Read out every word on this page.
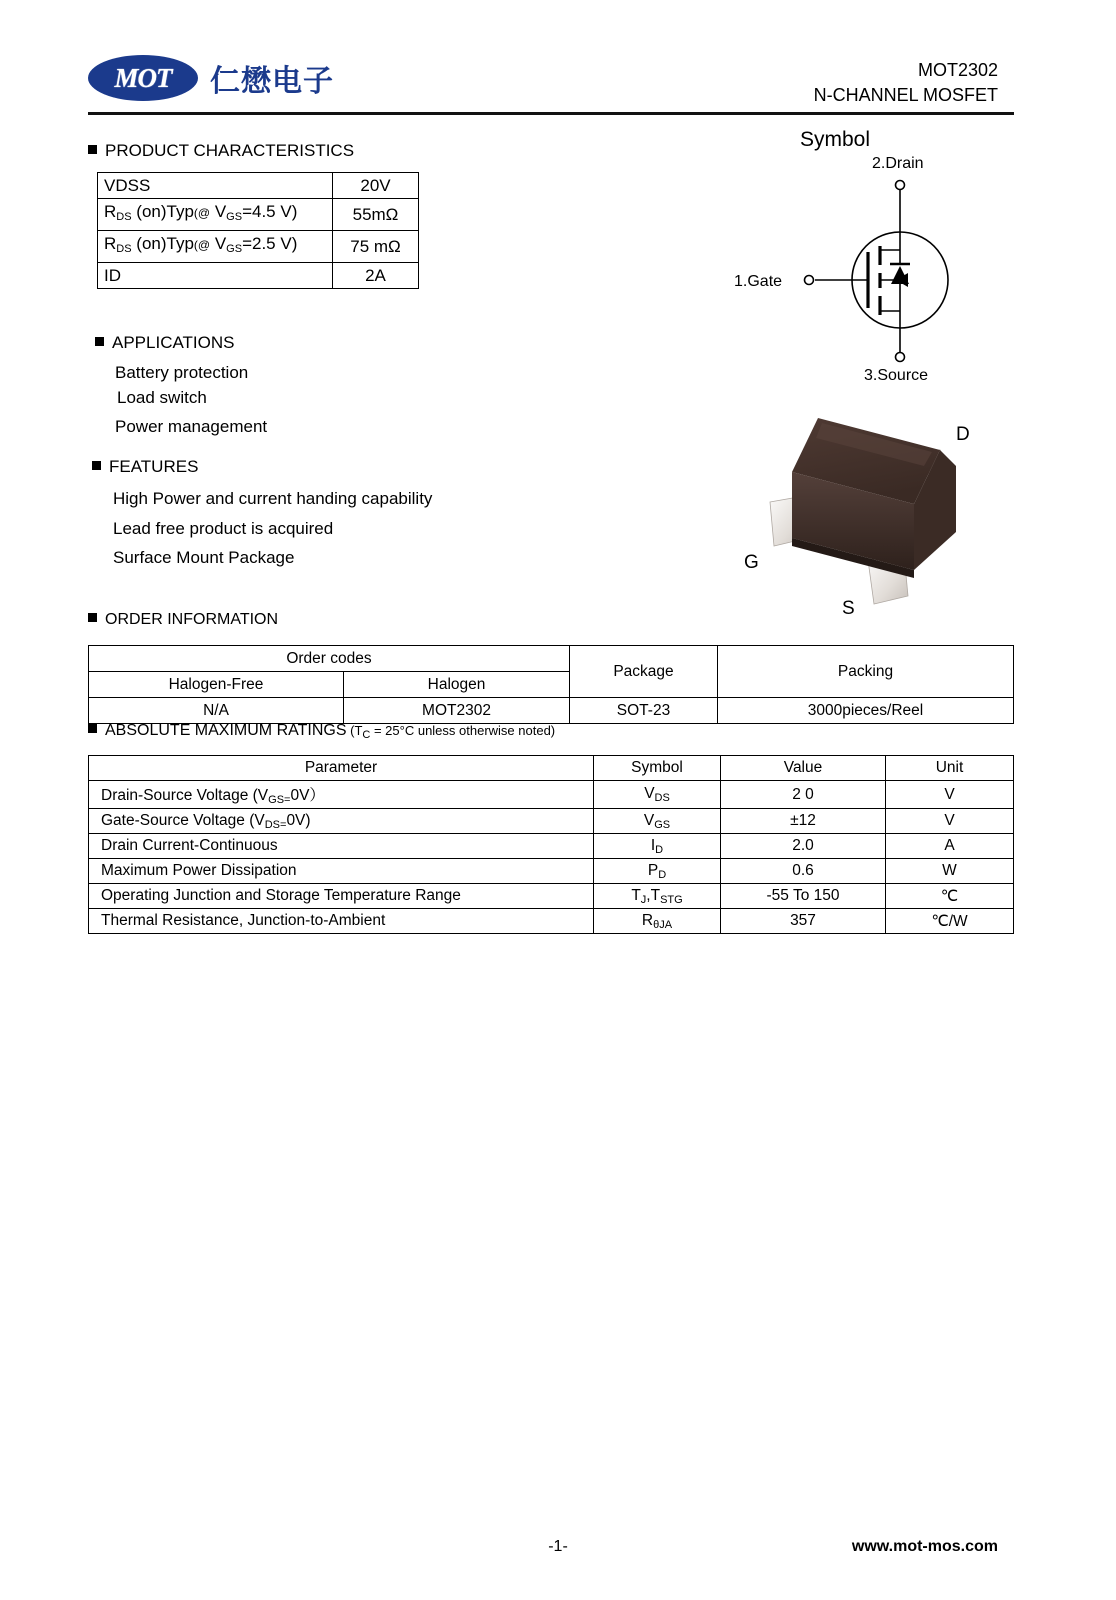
MOT 仁懋电子	MOT2302
N-CHANNEL MOSFET
PRODUCT CHARACTERISTICS
VDSS	20V
$R_{DS}$ (on)Typ(@ $V_{GS}=4.5$ V)	55mΩ
$R_{DS}$ (on)Typ(@ $V_{GS}=2.5$ V)	75 mΩ
ID	2A
Symbol
2.Drain
1.Gate
3.Source
APPLICATIONS
Battery protection
Load switch
Power management
FEATURES
High Power and current handing capability
Lead free product is acquired
Surface Mount Package
D
G
S
ORDER INFORMATION
Order codes		Package	Packing
Halogen-Free	Halogen		
N/A	MOT2302	SOT-23	3000pieces/Reel
ABSOLUTE MAXIMUM RATINGS ($T_C = 25^\circ C$ unless otherwise noted)
Parameter	Symbol	Value	Unit
Drain-Source Voltage $(V_{GS=}0V)$	$V_{DS}$	2 0	V
Gate-Source Voltage $(V_{DS=}0V)$	$V_{GS}$	±12	V
Drain Current-Continuous	$I_D$	2.0	A
Maximum Power Dissipation	$P_D$	0.6	W
Operating Junction and Storage Temperature Range	$T_J,T_{STG}$	-55 To 150	℃
Thermal Resistance, Junction-to-Ambient	$R_{\theta JA}$	357	℃/W
-1-	www.mot-mos.com
